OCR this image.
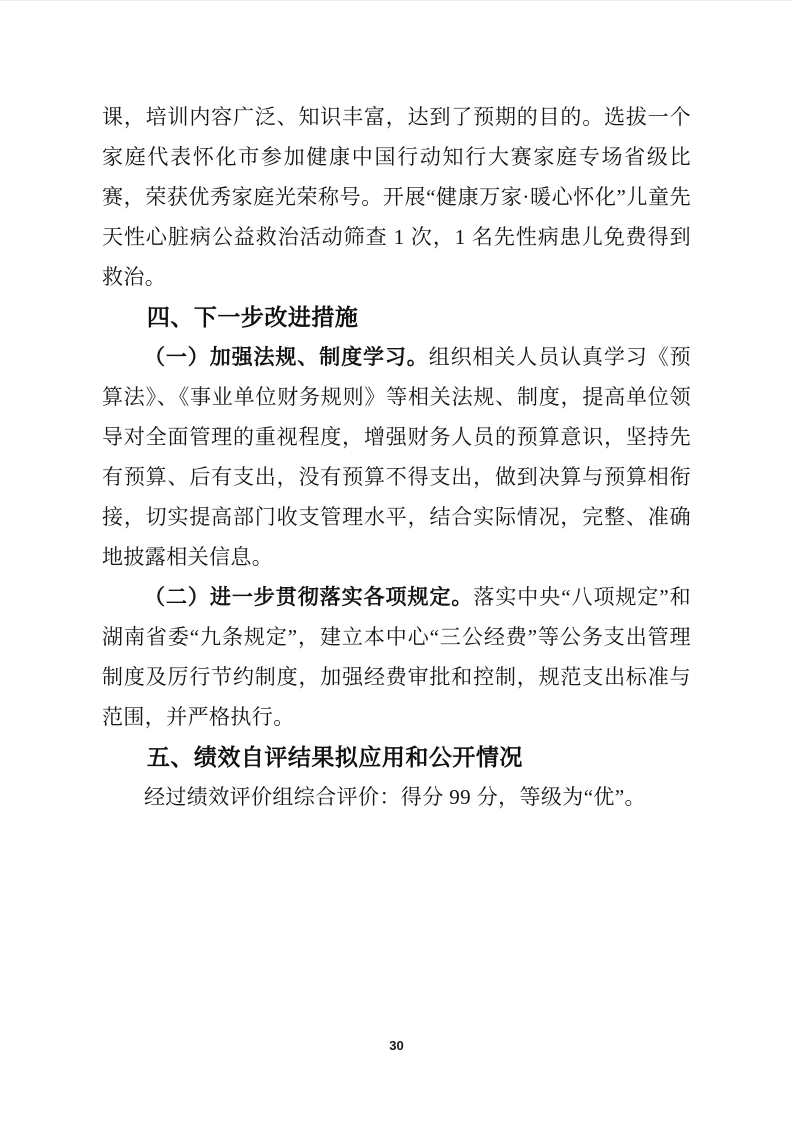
课，培训内容广泛、知识丰富，达到了预期的目的。选拔一个家庭代表怀化市参加健康中国行动知行大赛家庭专场省级比赛，荣获优秀家庭光荣称号。开展“健康万家·暖心怀化”儿童先天性心脏病公益救治活动筛查 1 次，1 名先性病患儿免费得到救治。

四、下一步改进措施

（一）加强法规、制度学习。组织相关人员认真学习《预算法》、《事业单位财务规则》等相关法规、制度，提高单位领导对全面管理的重视程度，增强财务人员的预算意识，坚持先有预算、后有支出，没有预算不得支出，做到决算与预算相衔接，切实提高部门收支管理水平，结合实际情况，完整、准确地披露相关信息。

（二）进一步贯彻落实各项规定。落实中央“八项规定”和湖南省委“九条规定”，建立本中心“三公经费”等公务支出管理制度及厉行节约制度，加强经费审批和控制，规范支出标准与范围，并严格执行。

五、绩效自评结果拟应用和公开情况

经过绩效评价组综合评价：得分 99 分，等级为“优”。

30
